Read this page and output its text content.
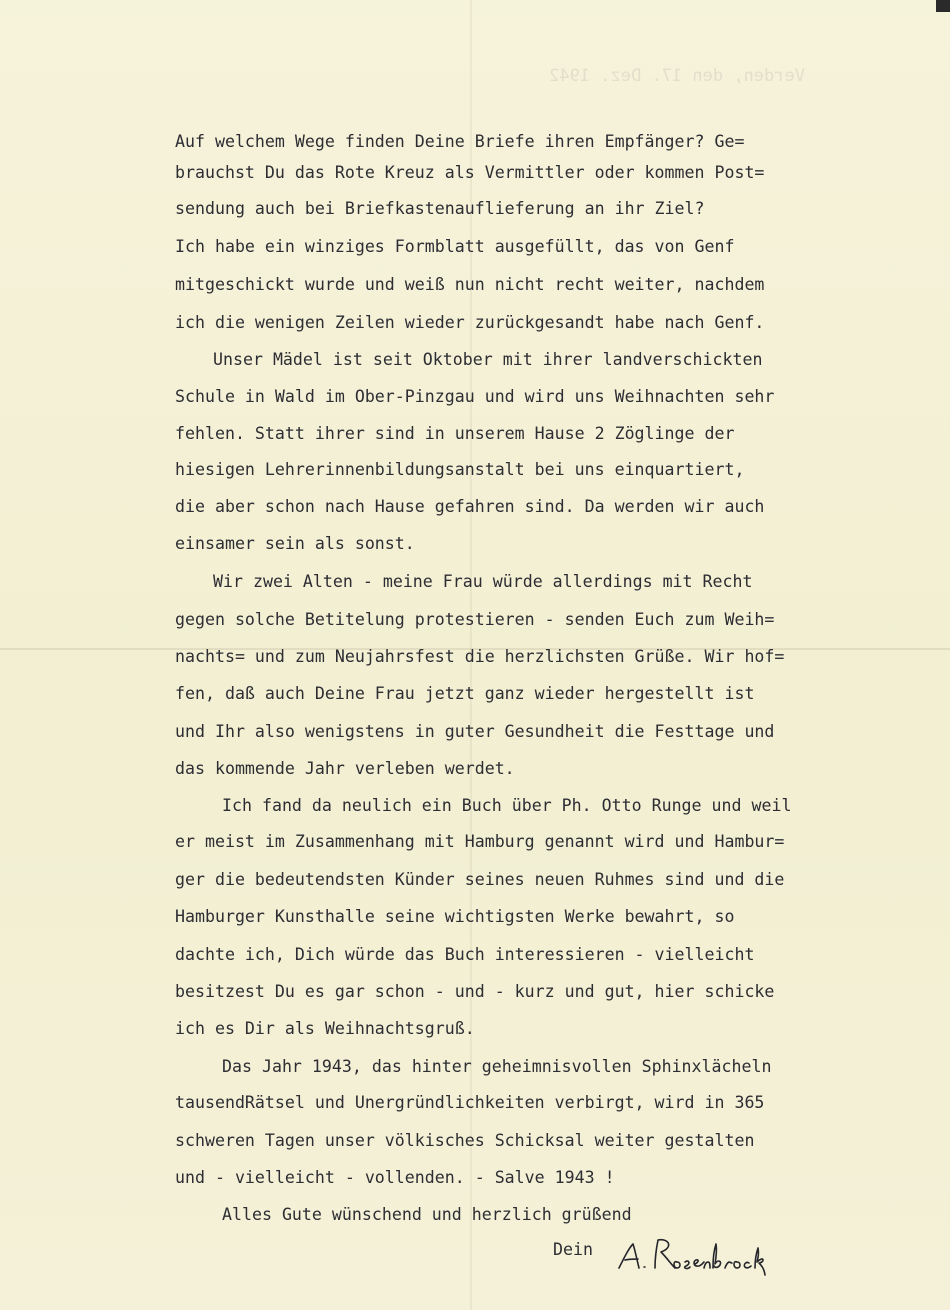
Verden, den 17. Dez. 1942
Auf welchem Wege finden Deine Briefe ihren Empfänger? Ge=
brauchst Du das Rote Kreuz als Vermittler oder kommen Post=
sendung auch bei Briefkastenauflieferung an ihr Ziel?
Ich habe ein winziges Formblatt ausgefüllt, das von Genf
mitgeschickt wurde und weiß nun nicht recht weiter, nachdem
ich die wenigen Zeilen wieder zurückgesandt habe nach Genf.
Unser Mädel ist seit Oktober mit ihrer landverschickten
Schule in Wald im Ober-Pinzgau und wird uns Weihnachten sehr
fehlen. Statt ihrer sind in unserem Hause 2 Zöglinge der
hiesigen Lehrerinnenbildungsanstalt bei uns einquartiert,
die aber schon nach Hause gefahren sind. Da werden wir auch
einsamer sein als sonst.
Wir zwei Alten - meine Frau würde allerdings mit Recht
gegen solche Betitelung protestieren - senden Euch zum Weih=
nachts= und zum Neujahrsfest die herzlichsten Grüße. Wir hof=
fen, daß auch Deine Frau jetzt ganz wieder hergestellt ist
und Ihr also wenigstens in guter Gesundheit die Festtage und
das kommende Jahr verleben werdet.
Ich fand da neulich ein Buch über Ph. Otto Runge und weil
er meist im Zusammenhang mit Hamburg genannt wird und Hambur=
ger die bedeutendsten Künder seines neuen Ruhmes sind und die
Hamburger Kunsthalle seine wichtigsten Werke bewahrt, so
dachte ich, Dich würde das Buch interessieren - vielleicht
besitzest Du es gar schon - und - kurz und gut, hier schicke
ich es Dir als Weihnachtsgruß.
Das Jahr 1943, das hinter geheimnisvollen Sphinxlächeln
tausendRätsel und Unergründlichkeiten verbirgt, wird in 365
schweren Tagen unser völkisches Schicksal weiter gestalten
und - vielleicht - vollenden. - Salve 1943 !
Alles Gute wünschend und herzlich grüßend
Dein
